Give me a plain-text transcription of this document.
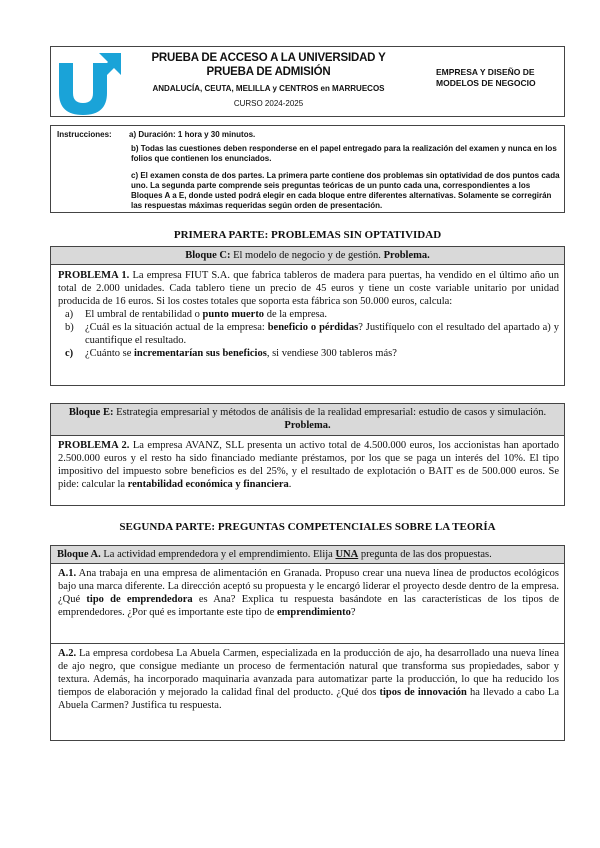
PRUEBA DE ACCESO A LA UNIVERSIDAD Y PRUEBA DE ADMISIÓN
ANDALUCÍA, CEUTA, MELILLA y CENTROS en MARRUECOS
CURSO 2024-2025
EMPRESA Y DISEÑO DE MODELOS DE NEGOCIO
Instrucciones: a) Duración: 1 hora y 30 minutos.
b) Todas las cuestiones deben responderse en el papel entregado para la realización del examen y nunca en los folios que contienen los enunciados.
c) El examen consta de dos partes. La primera parte contiene dos problemas sin optatividad de dos puntos cada uno. La segunda parte comprende seis preguntas teóricas de un punto cada una, correspondientes a los Bloques A a E, donde usted podrá elegir en cada bloque entre diferentes alternativas. Solamente se corregirán las respuestas máximas requeridas según orden de presentación.
PRIMERA PARTE: PROBLEMAS SIN OPTATIVIDAD
Bloque C: El modelo de negocio y de gestión. Problema.
PROBLEMA 1. La empresa FIUT S.A. que fabrica tableros de madera para puertas, ha vendido en el último año un total de 2.000 unidades. Cada tablero tiene un precio de 45 euros y tiene un coste variable unitario por unidad producida de 16 euros. Si los costes totales que soporta esta fábrica son 50.000 euros, calcula:
a) El umbral de rentabilidad o punto muerto de la empresa.
b) ¿Cuál es la situación actual de la empresa: beneficio o pérdidas? Justifíquelo con el resultado del apartado a) y cuantifique el resultado.
c) ¿Cuánto se incrementarían sus beneficios, si vendiese 300 tableros más?
Bloque E: Estrategia empresarial y métodos de análisis de la realidad empresarial: estudio de casos y simulación. Problema.
PROBLEMA 2. La empresa AVANZ, SLL presenta un activo total de 4.500.000 euros, los accionistas han aportado 2.500.000 euros y el resto ha sido financiado mediante préstamos, por los que se paga un interés del 10%. El tipo impositivo del impuesto sobre beneficios es del 25%, y el resultado de explotación o BAIT es de 500.000 euros. Se pide: calcular la rentabilidad económica y financiera.
SEGUNDA PARTE: PREGUNTAS COMPETENCIALES SOBRE LA TEORÍA
Bloque A. La actividad emprendedora y el emprendimiento. Elija UNA pregunta de las dos propuestas.
A.1. Ana trabaja en una empresa de alimentación en Granada. Propuso crear una nueva línea de productos ecológicos bajo una marca diferente. La dirección aceptó su propuesta y le encargó liderar el proyecto desde dentro de la empresa. ¿Qué tipo de emprendedora es Ana? Explica tu respuesta basándote en las características de los tipos de emprendedores. ¿Por qué es importante este tipo de emprendimiento?
A.2. La empresa cordobesa La Abuela Carmen, especializada en la producción de ajo, ha desarrollado una nueva línea de ajo negro, que consigue mediante un proceso de fermentación natural que transforma sus propiedades, sabor y textura. Además, ha incorporado maquinaria avanzada para automatizar parte la producción, lo que ha reducido los tiempos de elaboración y mejorado la calidad final del producto. ¿Qué dos tipos de innovación ha llevado a cabo La Abuela Carmen? Justifica tu respuesta.
